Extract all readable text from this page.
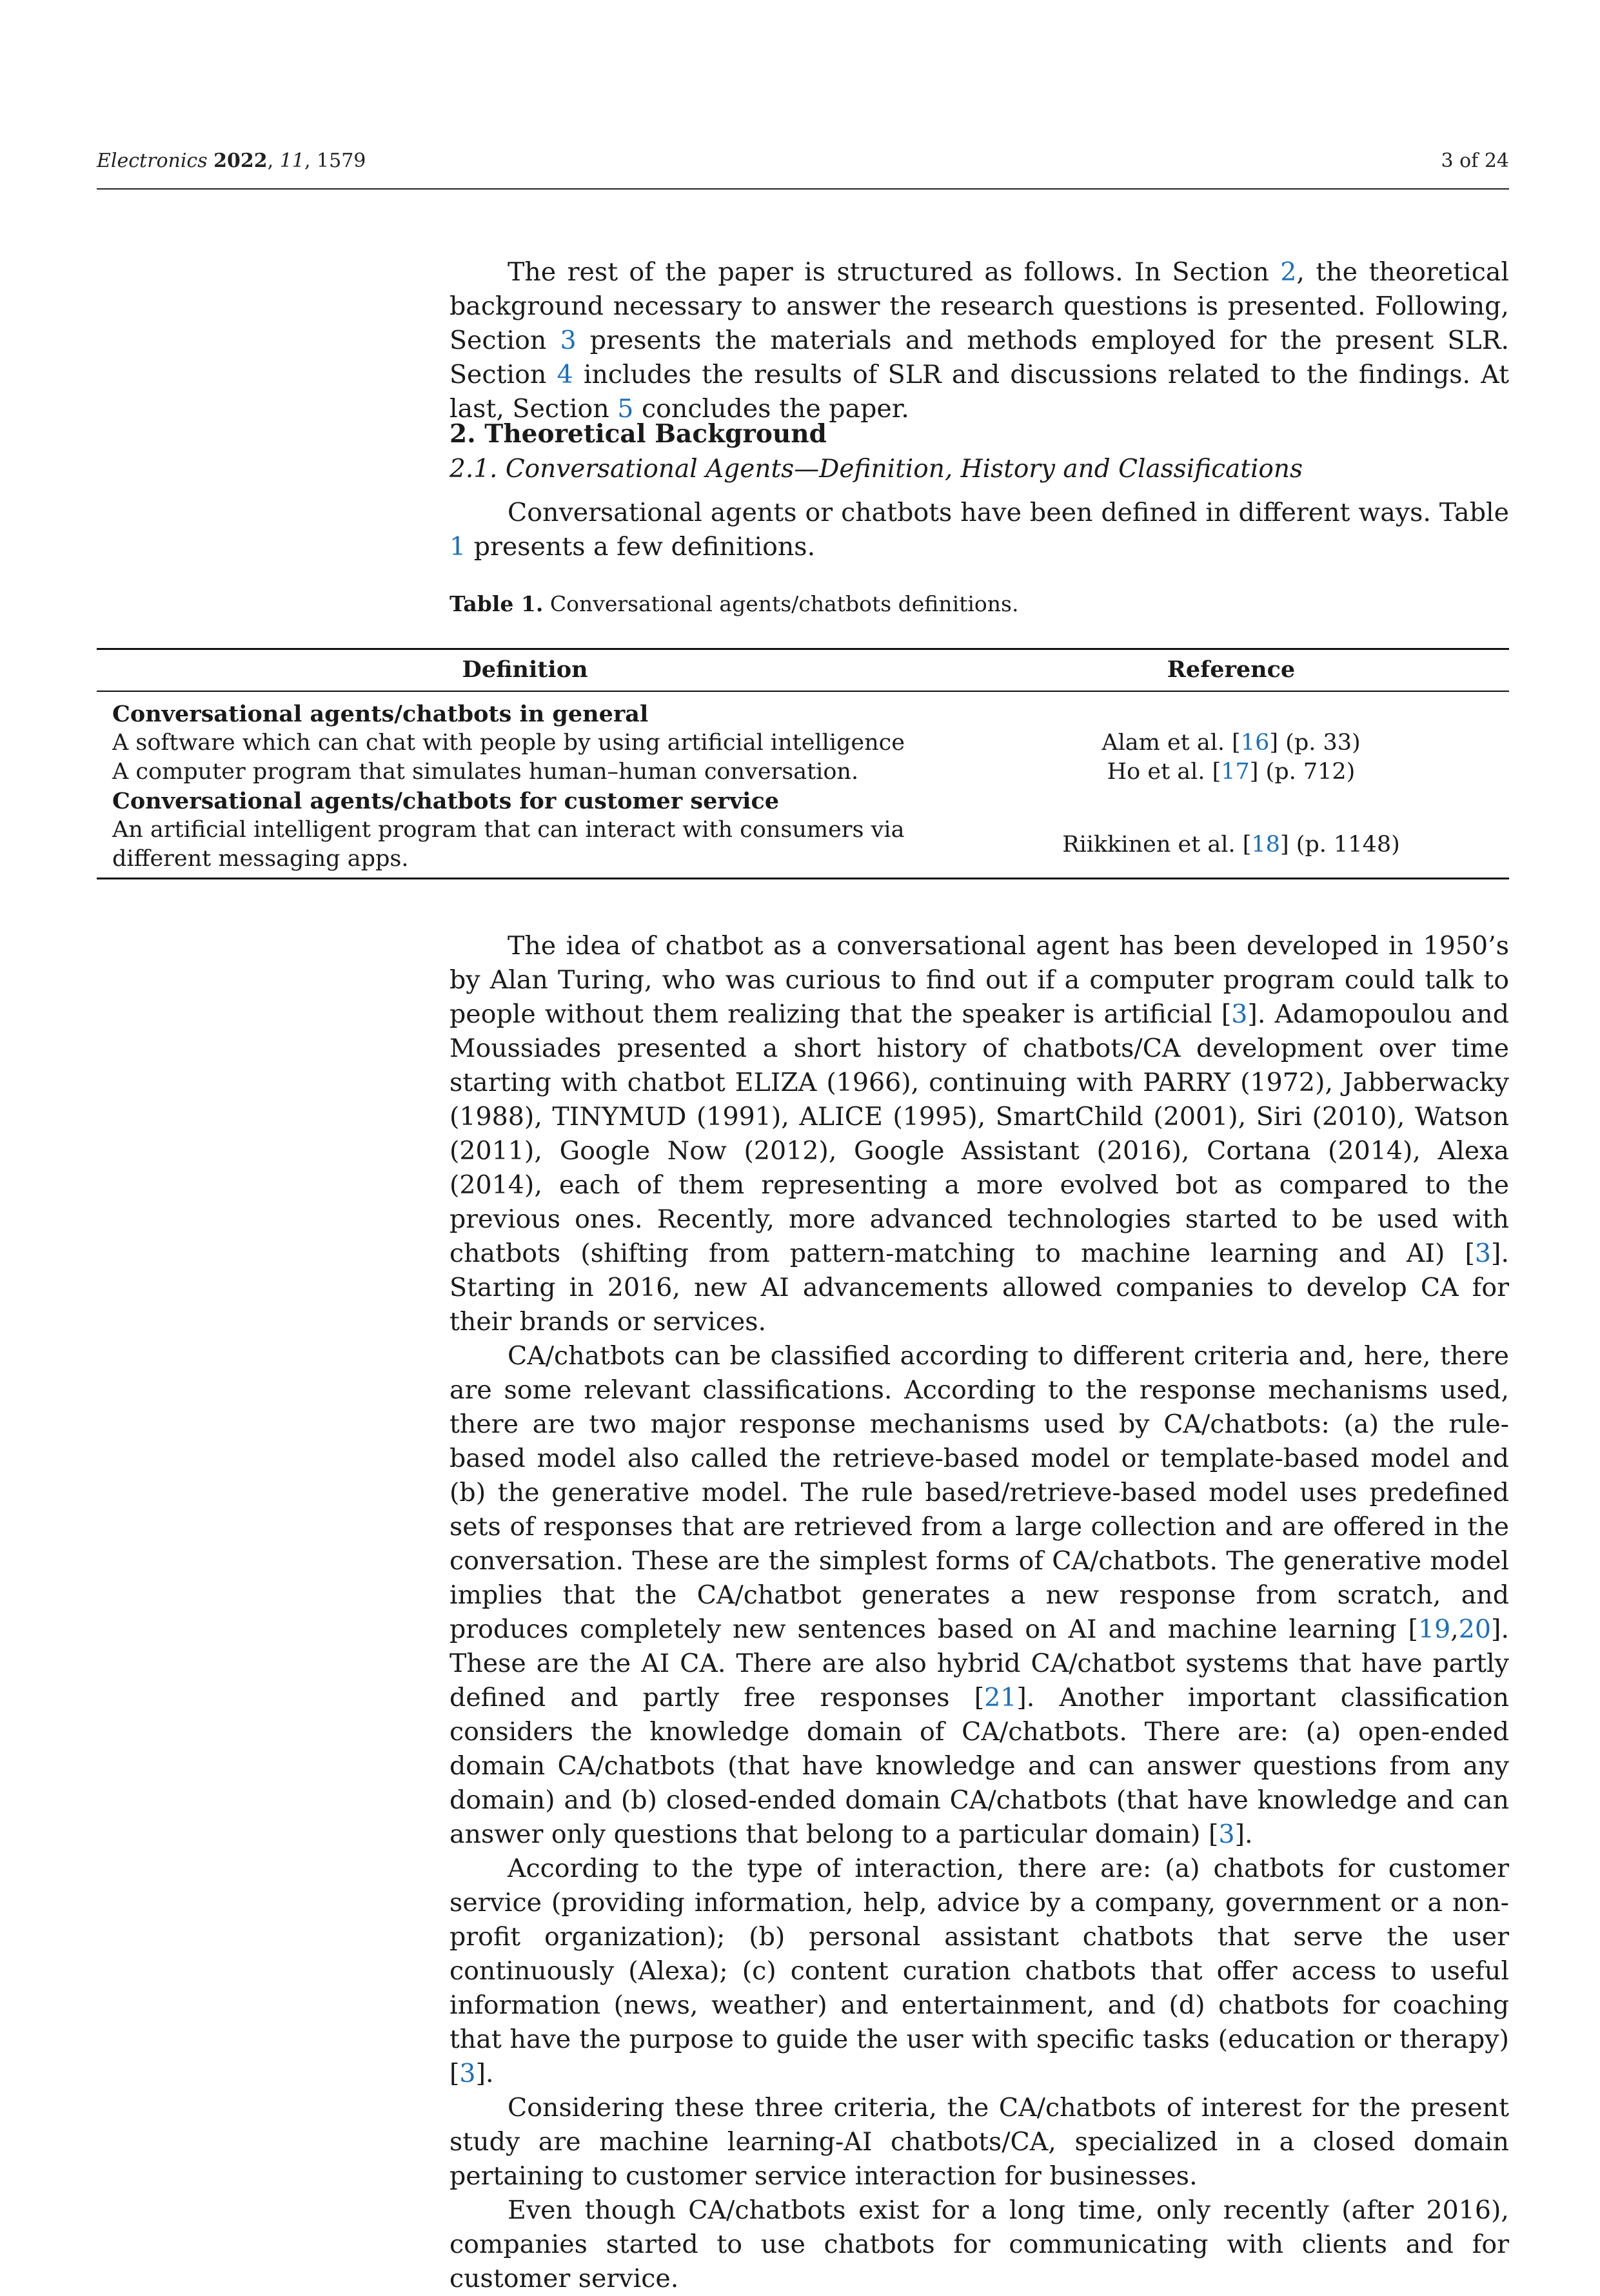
Electronics 2022, 11, 1579	3 of 24

The rest of the paper is structured as follows. In Section 2, the theoretical background necessary to answer the research questions is presented. Following, Section 3 presents the materials and methods employed for the present SLR. Section 4 includes the results of SLR and discussions related to the findings. At last, Section 5 concludes the paper.

2. Theoretical Background

2.1. Conversational Agents—Definition, History and Classifications

Conversational agents or chatbots have been defined in different ways. Table 1 presents a few definitions.

Table 1. Conversational agents/chatbots definitions.
Definition	Reference
Conversational agents/chatbots in general	
A software which can chat with people by using artificial intelligence	Alam et al. [16] (p. 33)
A computer program that simulates human–human conversation.	Ho et al. [17] (p. 712)
Conversational agents/chatbots for customer service	
An artificial intelligent program that can interact with consumers via different messaging apps.	Riikkinen et al. [18] (p. 1148)

The idea of chatbot as a conversational agent has been developed in 1950’s by Alan Turing, who was curious to find out if a computer program could talk to people without them realizing that the speaker is artificial [3]. Adamopoulou and Moussiades presented a short history of chatbots/CA development over time starting with chatbot ELIZA (1966), continuing with PARRY (1972), Jabberwacky (1988), TINYMUD (1991), ALICE (1995), SmartChild (2001), Siri (2010), Watson (2011), Google Now (2012), Google Assistant (2016), Cortana (2014), Alexa (2014), each of them representing a more evolved bot as compared to the previous ones. Recently, more advanced technologies started to be used with chatbots (shifting from pattern-matching to machine learning and AI) [3]. Starting in 2016, new AI advancements allowed companies to develop CA for their brands or services.

CA/chatbots can be classified according to different criteria and, here, there are some relevant classifications. According to the response mechanisms used, there are two major response mechanisms used by CA/chatbots: (a) the rule-based model also called the retrieve-based model or template-based model and (b) the generative model. The rule based/retrieve-based model uses predefined sets of responses that are retrieved from a large collection and are offered in the conversation. These are the simplest forms of CA/chatbots. The generative model implies that the CA/chatbot generates a new response from scratch, and produces completely new sentences based on AI and machine learning [19,20]. These are the AI CA. There are also hybrid CA/chatbot systems that have partly defined and partly free responses [21]. Another important classification considers the knowledge domain of CA/chatbots. There are: (a) open-ended domain CA/chatbots (that have knowledge and can answer questions from any domain) and (b) closed-ended domain CA/chatbots (that have knowledge and can answer only questions that belong to a particular domain) [3].

According to the type of interaction, there are: (a) chatbots for customer service (providing information, help, advice by a company, government or a non-profit organization); (b) personal assistant chatbots that serve the user continuously (Alexa); (c) content curation chatbots that offer access to useful information (news, weather) and entertainment, and (d) chatbots for coaching that have the purpose to guide the user with specific tasks (education or therapy) [3].

Considering these three criteria, the CA/chatbots of interest for the present study are machine learning-AI chatbots/CA, specialized in a closed domain pertaining to customer service interaction for businesses.

Even though CA/chatbots exist for a long time, only recently (after 2016), companies started to use chatbots for communicating with clients and for customer service.
